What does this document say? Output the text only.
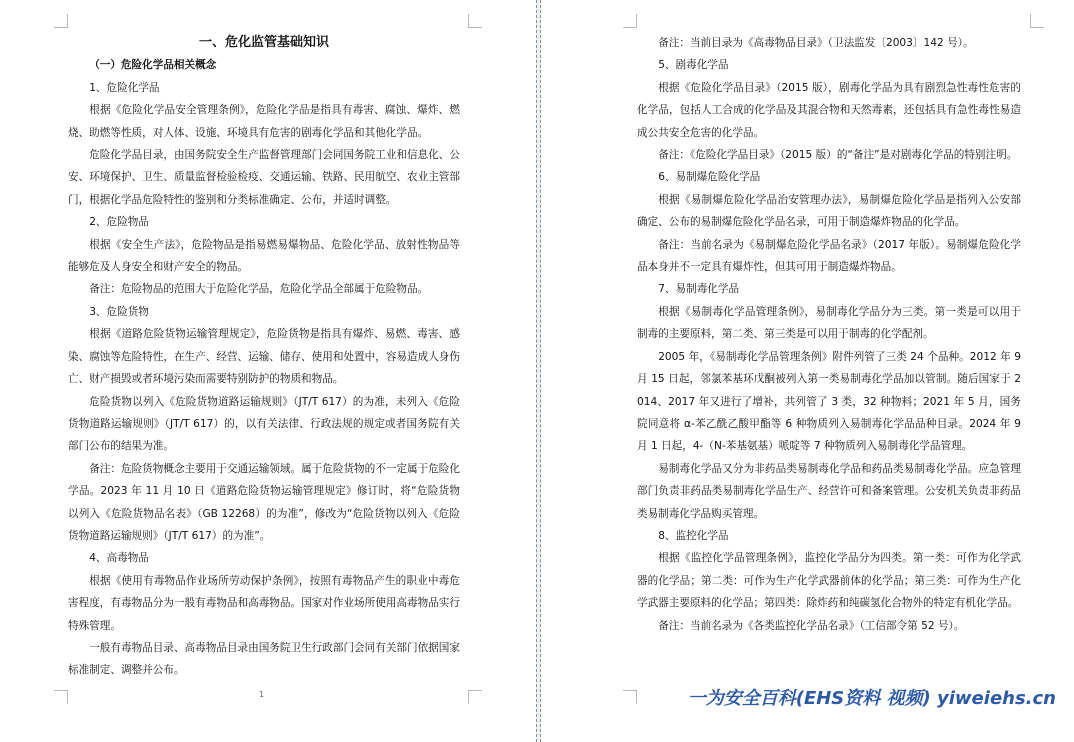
一、危化监管基础知识
（一）危险化学品相关概念
1、危险化学品
根据《危险化学品安全管理条例》，危险化学品是指具有毒害、腐蚀、爆炸、燃烧、助燃等性质，对人体、设施、环境具有危害的剧毒化学品和其他化学品。
危险化学品目录，由国务院安全生产监督管理部门会同国务院工业和信息化、公安、环境保护、卫生、质量监督检验检疫、交通运输、铁路、民用航空、农业主管部门，根据化学品危险特性的鉴别和分类标准确定、公布，并适时调整。
2、危险物品
根据《安全生产法》，危险物品是指易燃易爆物品、危险化学品、放射性物品等能够危及人身安全和财产安全的物品。
备注：危险物品的范围大于危险化学品，危险化学品全部属于危险物品。
3、危险货物
根据《道路危险货物运输管理规定》，危险货物是指具有爆炸、易燃、毒害、感染、腐蚀等危险特性，在生产、经营、运输、储存、使用和处置中，容易造成人身伤亡、财产损毁或者环境污染而需要特别防护的物质和物品。
危险货物以列入《危险货物道路运输规则》（JT/T 617）的为准，未列入《危险货物道路运输规则》（JT/T 617）的，以有关法律、行政法规的规定或者国务院有关部门公布的结果为准。
备注：危险货物概念主要用于交通运输领域。属于危险货物的不一定属于危险化学品。2023 年 11 月 10 日《道路危险货物运输管理规定》修订时，将“危险货物以列入《危险货物品名表》（GB 12268）的为准”，修改为“危险货物以列入《危险货物道路运输规则》（JT/T 617）的为准”。
4、高毒物品
根据《使用有毒物品作业场所劳动保护条例》，按照有毒物品产生的职业中毒危害程度，有毒物品分为一般有毒物品和高毒物品。国家对作业场所使用高毒物品实行特殊管理。
一般有毒物品目录、高毒物品目录由国务院卫生行政部门会同有关部门依据国家标准制定、调整并公布。
1
备注：当前目录为《高毒物品目录》（卫法监发〔2003〕142 号）。
5、剧毒化学品
根据《危险化学品目录》（2015 版），剧毒化学品为具有剧烈急性毒性危害的化学品，包括人工合成的化学品及其混合物和天然毒素，还包括具有急性毒性易造成公共安全危害的化学品。
备注：《危险化学品目录》（2015 版）的“备注”是对剧毒化学品的特别注明。
6、易制爆危险化学品
根据《易制爆危险化学品治安管理办法》，易制爆危险化学品是指列入公安部确定、公布的易制爆危险化学品名录，可用于制造爆炸物品的化学品。
备注：当前名录为《易制爆危险化学品名录》（2017 年版）。易制爆危险化学品本身并不一定具有爆炸性，但其可用于制造爆炸物品。
7、易制毒化学品
根据《易制毒化学品管理条例》，易制毒化学品分为三类。第一类是可以用于制毒的主要原料，第二类、第三类是可以用于制毒的化学配剂。
2005 年，《易制毒化学品管理条例》附件列管了三类 24 个品种。2012 年 9 月 15 日起，邻氯苯基环戊酮被列入第一类易制毒化学品加以管制。随后国家于 2014、2017 年又进行了增补，共列管了 3 类，32 种物料；2021 年 5 月，国务院同意将 α-苯乙酰乙酸甲酯等 6 种物质列入易制毒化学品品种目录。2024 年 9 月 1 日起，4-（N-苯基氨基）哌啶等 7 种物质列入易制毒化学品管理。
易制毒化学品又分为非药品类易制毒化学品和药品类易制毒化学品。应急管理部门负责非药品类易制毒化学品生产、经营许可和备案管理。公安机关负责非药品类易制毒化学品购买管理。
8、监控化学品
根据《监控化学品管理条例》，监控化学品分为四类。第一类：可作为化学武器的化学品；第二类：可作为生产化学武器前体的化学品；第三类：可作为生产化学武器主要原料的化学品；第四类：除炸药和纯碳氢化合物外的特定有机化学品。
备注：当前名录为《各类监控化学品名录》（工信部令第 52 号）。
一为安全百科(EHS资料 视频) yiweiehs.cn
